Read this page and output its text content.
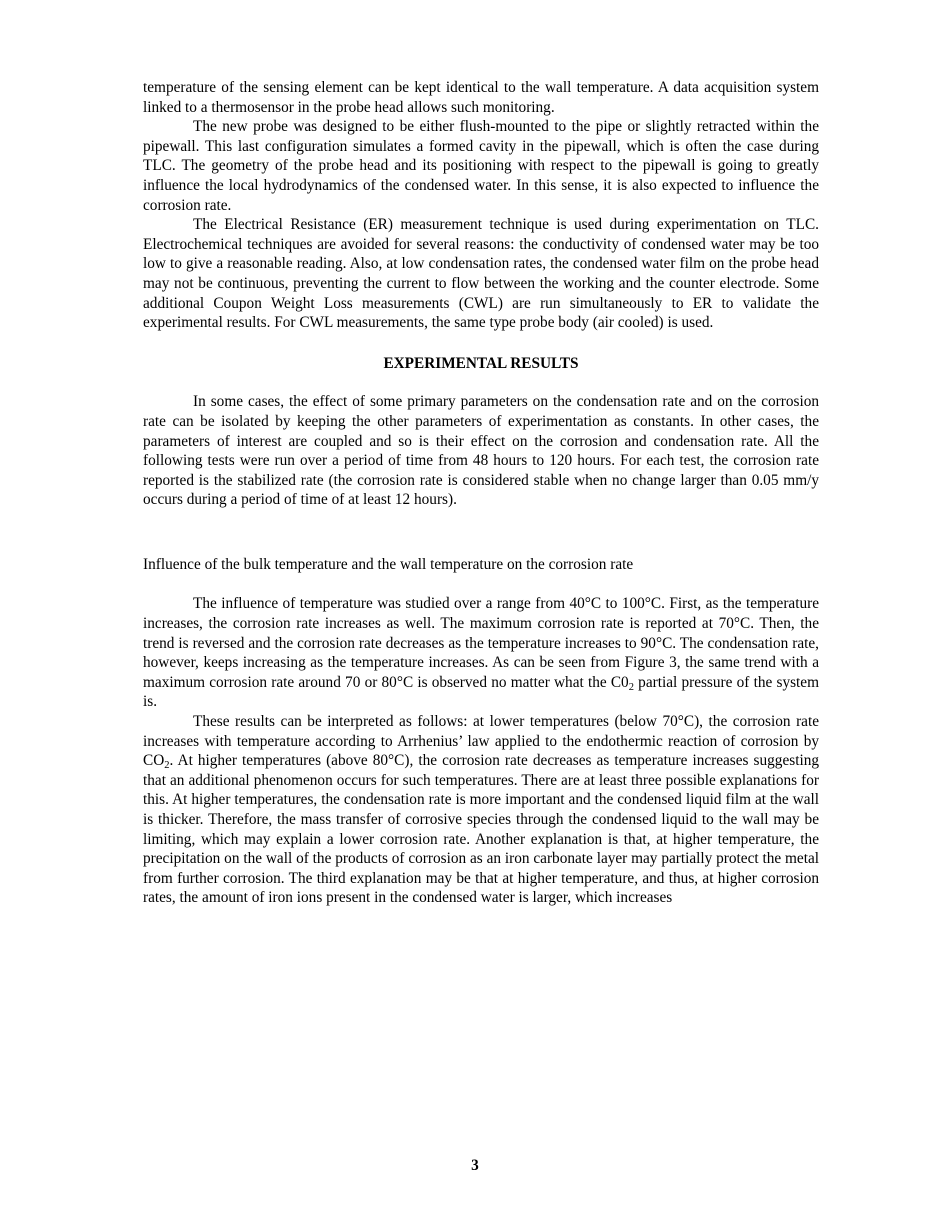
temperature of the sensing element can be kept identical to the wall temperature. A data acquisition system linked to a thermosensor in the probe head allows such monitoring.

The new probe was designed to be either flush-mounted to the pipe or slightly retracted within the pipewall. This last configuration simulates a formed cavity in the pipewall, which is often the case during TLC. The geometry of the probe head and its positioning with respect to the pipewall is going to greatly influence the local hydrodynamics of the condensed water. In this sense, it is also expected to influence the corrosion rate.

The Electrical Resistance (ER) measurement technique is used during experimentation on TLC. Electrochemical techniques are avoided for several reasons: the conductivity of condensed water may be too low to give a reasonable reading. Also, at low condensation rates, the condensed water film on the probe head may not be continuous, preventing the current to flow between the working and the counter electrode. Some additional Coupon Weight Loss measurements (CWL) are run simultaneously to ER to validate the experimental results. For CWL measurements, the same type probe body (air cooled) is used.

EXPERIMENTAL RESULTS

In some cases, the effect of some primary parameters on the condensation rate and on the corrosion rate can be isolated by keeping the other parameters of experimentation as constants. In other cases, the parameters of interest are coupled and so is their effect on the corrosion and condensation rate. All the following tests were run over a period of time from 48 hours to 120 hours. For each test, the corrosion rate reported is the stabilized rate (the corrosion rate is considered stable when no change larger than 0.05 mm/y occurs during a period of time of at least 12 hours).

Influence of the bulk temperature and the wall temperature on the corrosion rate

The influence of temperature was studied over a range from 40°C to 100°C. First, as the temperature increases, the corrosion rate increases as well. The maximum corrosion rate is reported at 70°C. Then, the trend is reversed and the corrosion rate decreases as the temperature increases to 90°C. The condensation rate, however, keeps increasing as the temperature increases. As can be seen from Figure 3, the same trend with a maximum corrosion rate around 70 or 80°C is observed no matter what the $C0_2$ partial pressure of the system is.

These results can be interpreted as follows: at lower temperatures (below 70°C), the corrosion rate increases with temperature according to Arrhenius’ law applied to the endothermic reaction of corrosion by $CO_2$. At higher temperatures (above 80°C), the corrosion rate decreases as temperature increases suggesting that an additional phenomenon occurs for such temperatures. There are at least three possible explanations for this. At higher temperatures, the condensation rate is more important and the condensed liquid film at the wall is thicker. Therefore, the mass transfer of corrosive species through the condensed liquid to the wall may be limiting, which may explain a lower corrosion rate. Another explanation is that, at higher temperature, the precipitation on the wall of the products of corrosion as an iron carbonate layer may partially protect the metal from further corrosion. The third explanation may be that at higher temperature, and thus, at higher corrosion rates, the amount of iron ions present in the condensed water is larger, which increases

3
